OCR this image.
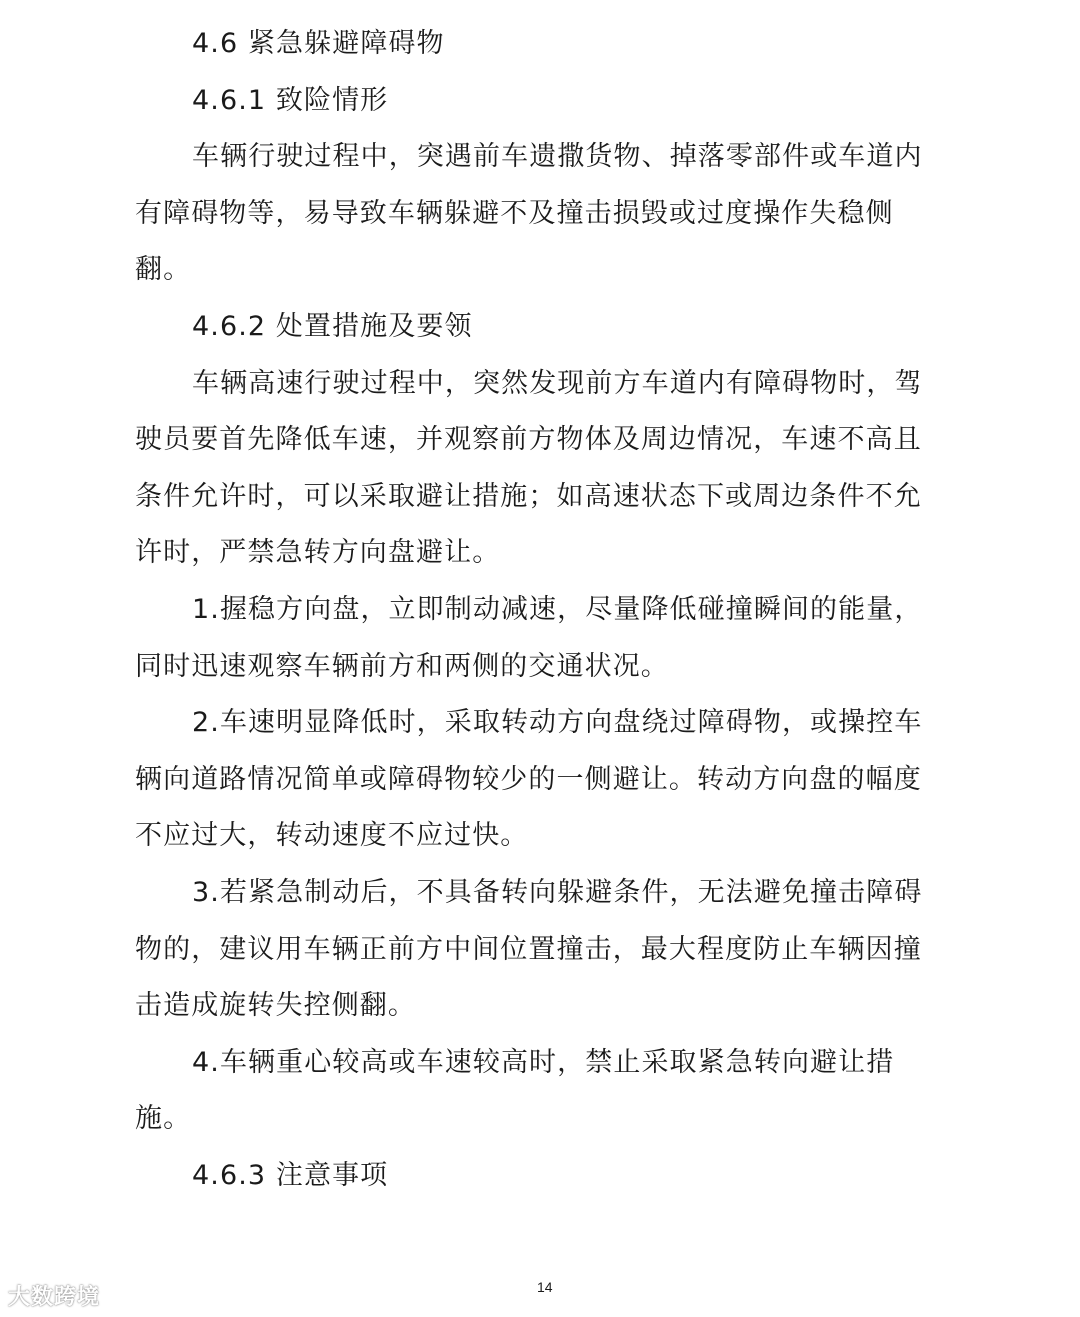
4.6 紧急躲避障碍物
4.6.1 致险情形
车辆行驶过程中，突遇前车遗撒货物、掉落零部件或车道内
有障碍物等，易导致车辆躲避不及撞击损毁或过度操作失稳侧
翻。
4.6.2 处置措施及要领
车辆高速行驶过程中，突然发现前方车道内有障碍物时，驾
驶员要首先降低车速，并观察前方物体及周边情况，车速不高且
条件允许时，可以采取避让措施；如高速状态下或周边条件不允
许时，严禁急转方向盘避让。
1.握稳方向盘，立即制动减速，尽量降低碰撞瞬间的能量，
同时迅速观察车辆前方和两侧的交通状况。
2.车速明显降低时，采取转动方向盘绕过障碍物，或操控车
辆向道路情况简单或障碍物较少的一侧避让。转动方向盘的幅度
不应过大，转动速度不应过快。
3.若紧急制动后，不具备转向躲避条件，无法避免撞击障碍
物的，建议用车辆正前方中间位置撞击，最大程度防止车辆因撞
击造成旋转失控侧翻。
4.车辆重心较高或车速较高时，禁止采取紧急转向避让措
施。
4.6.3 注意事项
14
大数跨境
